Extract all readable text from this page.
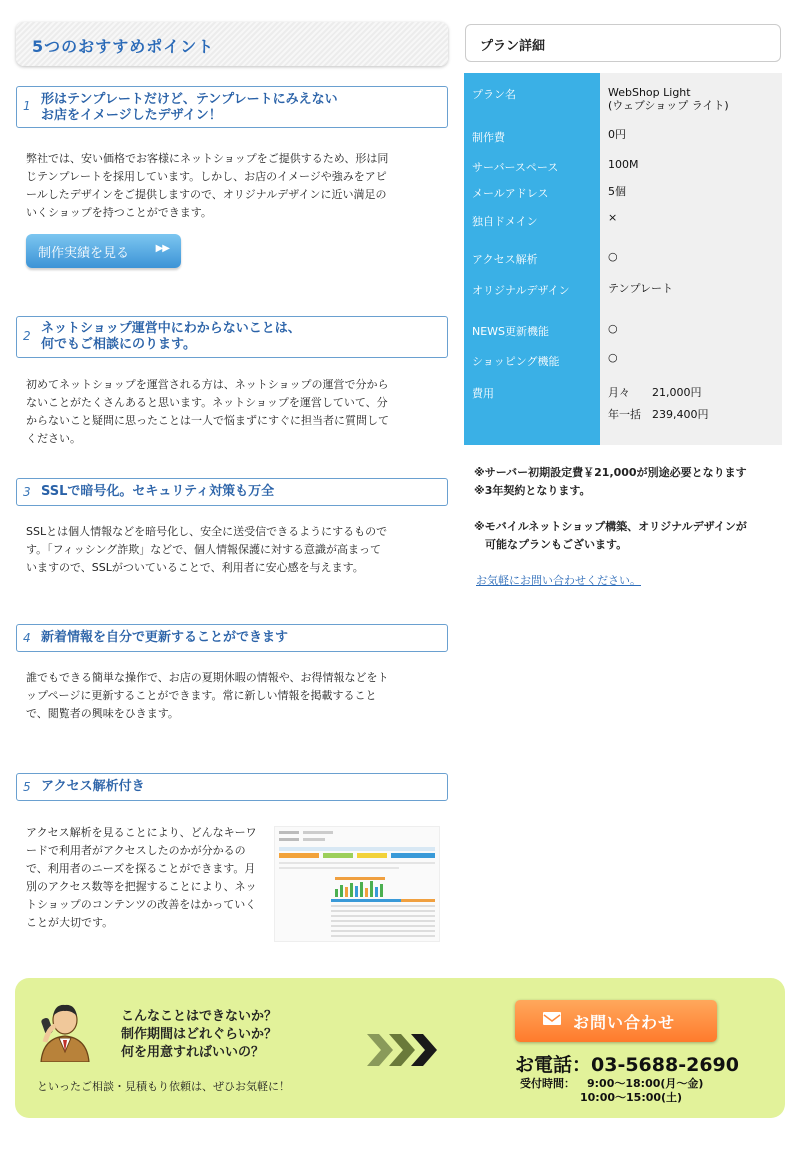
5つのおすすめポイント
1 形はテンプレートだけど、テンプレートにみえない
お店をイメージしたデザイン！

弊社では、安い価格でお客様にネットショップをご提供するため、形は同じテンプレートを採用しています。しかし、お店のイメージや強みをアピールしたデザインをご提供しますので、オリジナルデザインに近い満足のいくショップを持つことができます。

制作実績を見る	▶▶
2 ネットショップ運営中にわからないことは、
何でもご相談にのります。

初めてネットショップを運営される方は、ネットショップの運営で分からないことがたくさんあると思います。ネットショップを運営していて、分からないこと疑問に思ったことは一人で悩まずにすぐに担当者に質問してください。

3 SSLで暗号化。セキュリティ対策も万全

SSLとは個人情報などを暗号化し、安全に送受信できるようにするものです。「フィッシング詐欺」などで、個人情報保護に対する意識が高まっていますので、SSLがついていることで、利用者に安心感を与えます。

4 新着情報を自分で更新することができます

誰でもできる簡単な操作で、お店の夏期休暇の情報や、お得情報などをトップページに更新することができます。常に新しい情報を掲載することで、閲覧者の興味をひきます。

5 アクセス解析付き

アクセス解析を見ることにより、どんなキーワードで利用者がアクセスしたのかが分かるので、利用者のニーズを探ることができます。月別のアクセス数等を把握することにより、ネットショップのコンテンツの改善をはかっていくことが大切です。

プラン詳細
プラン名	WebShop Light
(ウェブショップ ライト)
制作費	0円
サーバースペース	100M
メールアドレス	5個
独自ドメイン	×
アクセス解析	○
オリジナルデザイン	テンプレート
NEWS更新機能	○
ショッピング機能	○
費用	月々　　21,000円
年一括　239,400円
※サーバー初期設定費￥21,000が別途必要となります
※3年契約となります。
※モバイルネットショップ構築、オリジナルデザインが
　可能なプランもございます。
お気軽にお問い合わせください。
こんなことはできないか？
制作期間はどれぐらいか？
何を用意すればいいの？
といったご相談・見積もり依頼は、ぜひお気軽に！
お問い合わせ
お電話：03-5688-2690
受付時間： 9:00〜18:00(月〜金)
10:00〜15:00(土)
